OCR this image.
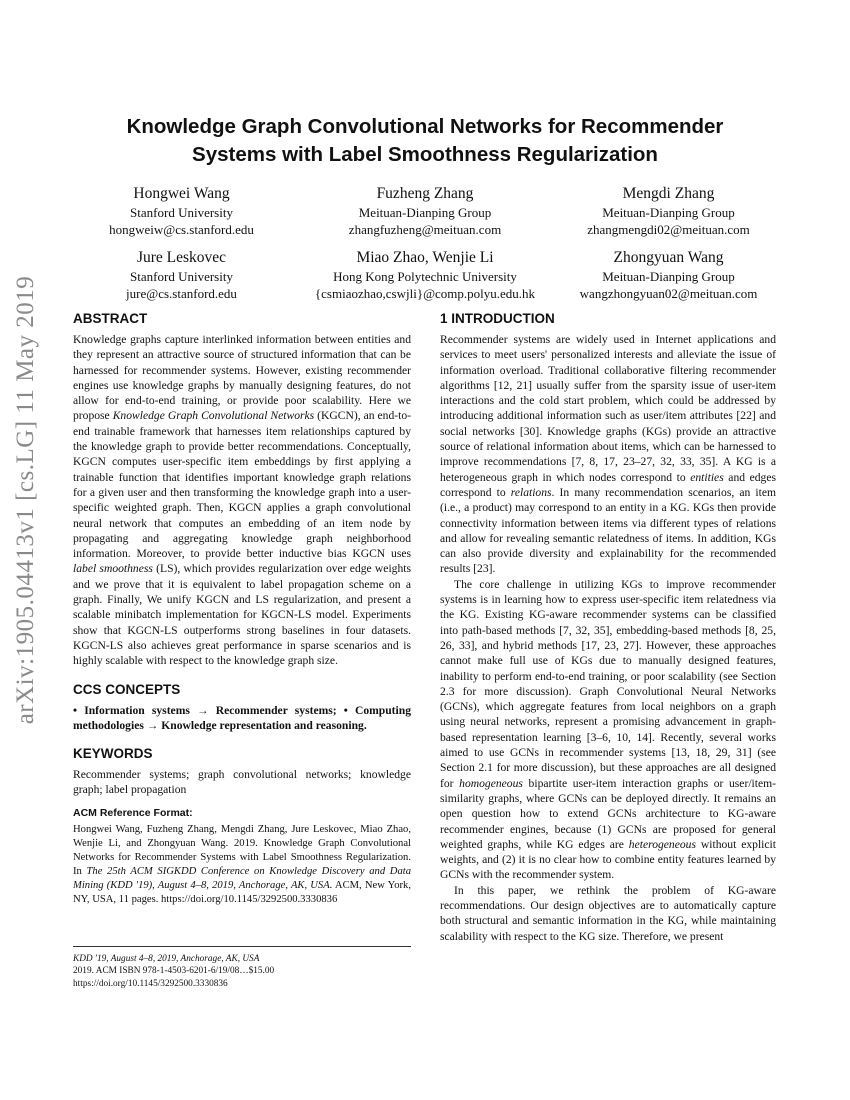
arXiv:1905.04413v1 [cs.LG] 11 May 2019
Knowledge Graph Convolutional Networks for Recommender
Systems with Label Smoothness Regularization
Hongwei Wang
Stanford University
hongweiw@cs.stanford.edu
Fuzheng Zhang
Meituan-Dianping Group
zhangfuzheng@meituan.com
Mengdi Zhang
Meituan-Dianping Group
zhangmengdi02@meituan.com
Jure Leskovec
Stanford University
jure@cs.stanford.edu
Miao Zhao, Wenjie Li
Hong Kong Polytechnic University
{csmiaozhao,cswjli}@comp.polyu.edu.hk
Zhongyuan Wang
Meituan-Dianping Group
wangzhongyuan02@meituan.com
ABSTRACT

Knowledge graphs capture interlinked information between entities and they represent an attractive source of structured information that can be harnessed for recommender systems. However, existing recommender engines use knowledge graphs by manually designing features, do not allow for end-to-end training, or provide poor scalability. Here we propose Knowledge Graph Convolutional Networks (KGCN), an end-to-end trainable framework that harnesses item relationships captured by the knowledge graph to provide better recommendations. Conceptually, KGCN computes user-specific item embeddings by first applying a trainable function that identifies important knowledge graph relations for a given user and then transforming the knowledge graph into a user-specific weighted graph. Then, KGCN applies a graph convolutional neural network that computes an embedding of an item node by propagating and aggregating knowledge graph neighborhood information. Moreover, to provide better inductive bias KGCN uses label smoothness (LS), which provides regularization over edge weights and we prove that it is equivalent to label propagation scheme on a graph. Finally, We unify KGCN and LS regularization, and present a scalable minibatch implementation for KGCN-LS model. Experiments show that KGCN-LS outperforms strong baselines in four datasets. KGCN-LS also achieves great performance in sparse scenarios and is highly scalable with respect to the knowledge graph size.

CCS CONCEPTS

• Information systems → Recommender systems; • Computing methodologies → Knowledge representation and reasoning.

KEYWORDS

Recommender systems; graph convolutional networks; knowledge graph; label propagation

ACM Reference Format:

Hongwei Wang, Fuzheng Zhang, Mengdi Zhang, Jure Leskovec, Miao Zhao, Wenjie Li, and Zhongyuan Wang. 2019. Knowledge Graph Convolutional Networks for Recommender Systems with Label Smoothness Regularization. In The 25th ACM SIGKDD Conference on Knowledge Discovery and Data Mining (KDD '19), August 4–8, 2019, Anchorage, AK, USA. ACM, New York, NY, USA, 11 pages. https://doi.org/10.1145/3292500.3330836

KDD '19, August 4–8, 2019, Anchorage, AK, USA
2019. ACM ISBN 978-1-4503-6201-6/19/08…$15.00
https://doi.org/10.1145/3292500.3330836
1 INTRODUCTION

Recommender systems are widely used in Internet applications and services to meet users' personalized interests and alleviate the issue of information overload. Traditional collaborative filtering recommender algorithms [12, 21] usually suffer from the sparsity issue of user-item interactions and the cold start problem, which could be addressed by introducing additional information such as user/item attributes [22] and social networks [30]. Knowledge graphs (KGs) provide an attractive source of relational information about items, which can be harnessed to improve recommendations [7, 8, 17, 23–27, 32, 33, 35]. A KG is a heterogeneous graph in which nodes correspond to entities and edges correspond to relations. In many recommendation scenarios, an item (i.e., a product) may correspond to an entity in a KG. KGs then provide connectivity information between items via different types of relations and allow for revealing semantic relatedness of items. In addition, KGs can also provide diversity and explainability for the recommended results [23].

The core challenge in utilizing KGs to improve recommender systems is in learning how to express user-specific item relatedness via the KG. Existing KG-aware recommender systems can be classified into path-based methods [7, 32, 35], embedding-based methods [8, 25, 26, 33], and hybrid methods [17, 23, 27]. However, these approaches cannot make full use of KGs due to manually designed features, inability to perform end-to-end training, or poor scalability (see Section 2.3 for more discussion). Graph Convolutional Neural Networks (GCNs), which aggregate features from local neighbors on a graph using neural networks, represent a promising advancement in graph-based representation learning [3–6, 10, 14]. Recently, several works aimed to use GCNs in recommender systems [13, 18, 29, 31] (see Section 2.1 for more discussion), but these approaches are all designed for homogeneous bipartite user-item interaction graphs or user/item-similarity graphs, where GCNs can be deployed directly. It remains an open question how to extend GCNs architecture to KG-aware recommender engines, because (1) GCNs are proposed for general weighted graphs, while KG edges are heterogeneous without explicit weights, and (2) it is no clear how to combine entity features learned by GCNs with the recommender system.

In this paper, we rethink the problem of KG-aware recommendations. Our design objectives are to automatically capture both structural and semantic information in the KG, while maintaining scalability with respect to the KG size. Therefore, we present
